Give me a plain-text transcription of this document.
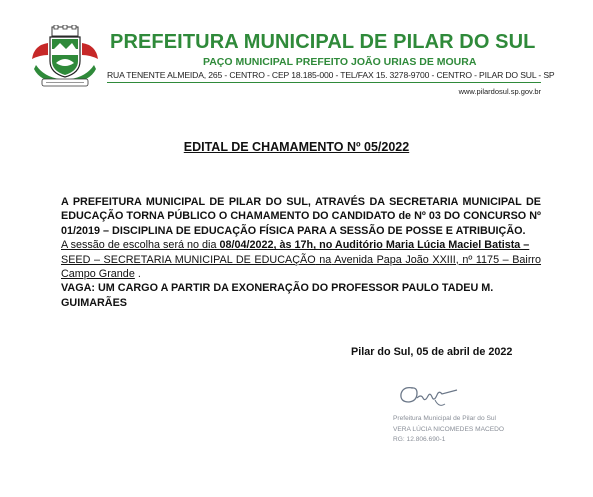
PREFEITURA MUNICIPAL DE PILAR DO SUL
PAÇO MUNICIPAL PREFEITO JOÃO URIAS DE MOURA
RUA TENENTE ALMEIDA, 265 - CENTRO - CEP 18.185-000 - TEL/FAX 15. 3278-9700 - CENTRO - PILAR DO SUL - SP
www.pilardosul.sp.gov.br
EDITAL DE CHAMAMENTO Nº 05/2022

A PREFEITURA MUNICIPAL DE PILAR DO SUL, ATRAVÉS DA SECRETARIA MUNICIPAL DE

EDUCAÇÃO TORNA PÚBLICO O CHAMAMENTO DO CANDIDATO de Nº 03 DO CONCURSO Nº

01/2019 – DISCIPLINA DE EDUCAÇÃO FÍSICA PARA A SESSÃO DE POSSE E ATRIBUIÇÃO.

A sessão de escolha será no dia 08/04/2022, às 17h, no Auditório Maria Lúcia Maciel Batista –

SEED – SECRETARIA MUNICIPAL DE EDUCAÇÃO na Avenida Papa João XXIII, nº 1175 – Bairro

Campo Grande .

VAGA: UM CARGO A PARTIR DA EXONERAÇÃO DO PROFESSOR PAULO TADEU M. GUIMARÃES

Pilar do Sul, 05 de abril de 2022
Prefeitura Municipal de Pilar do Sul
VERA LÚCIA NICOMEDES MACEDO
RG: 12.806.690-1
